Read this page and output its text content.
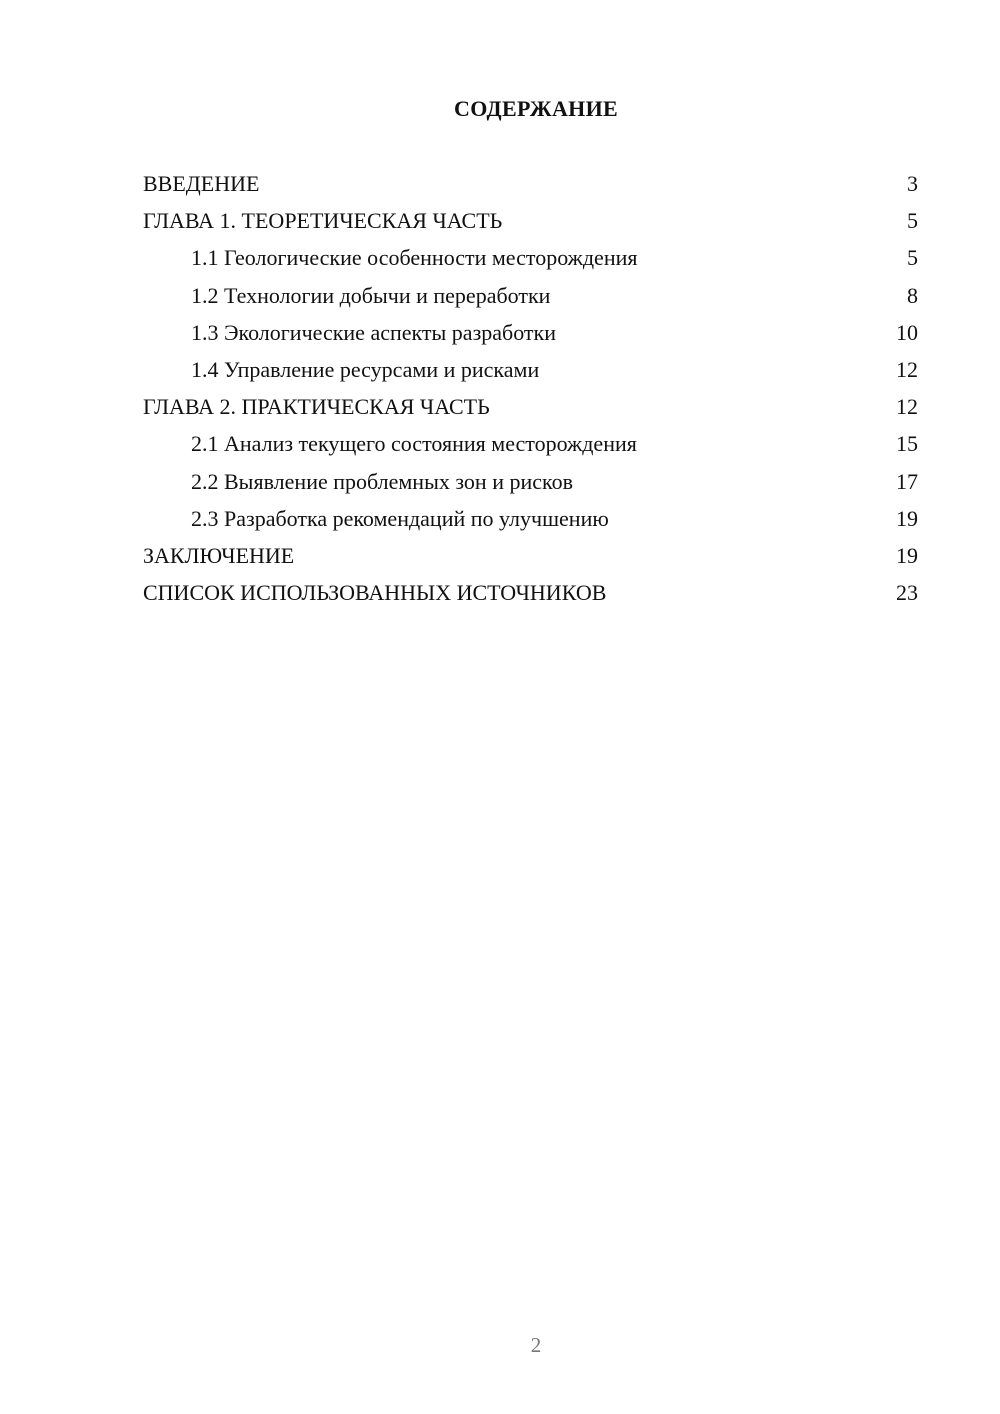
СОДЕРЖАНИЕ
ВВЕДЕНИЕ	3
ГЛАВА 1. ТЕОРЕТИЧЕСКАЯ ЧАСТЬ	5
1.1 Геологические особенности месторождения	5
1.2 Технологии добычи и переработки	8
1.3 Экологические аспекты разработки	10
1.4 Управление ресурсами и рисками	12
ГЛАВА 2. ПРАКТИЧЕСКАЯ ЧАСТЬ	12
2.1 Анализ текущего состояния месторождения	15
2.2 Выявление проблемных зон и рисков	17
2.3 Разработка рекомендаций по улучшению	19
ЗАКЛЮЧЕНИЕ	19
СПИСОК ИСПОЛЬЗОВАННЫХ ИСТОЧНИКОВ	23
2
